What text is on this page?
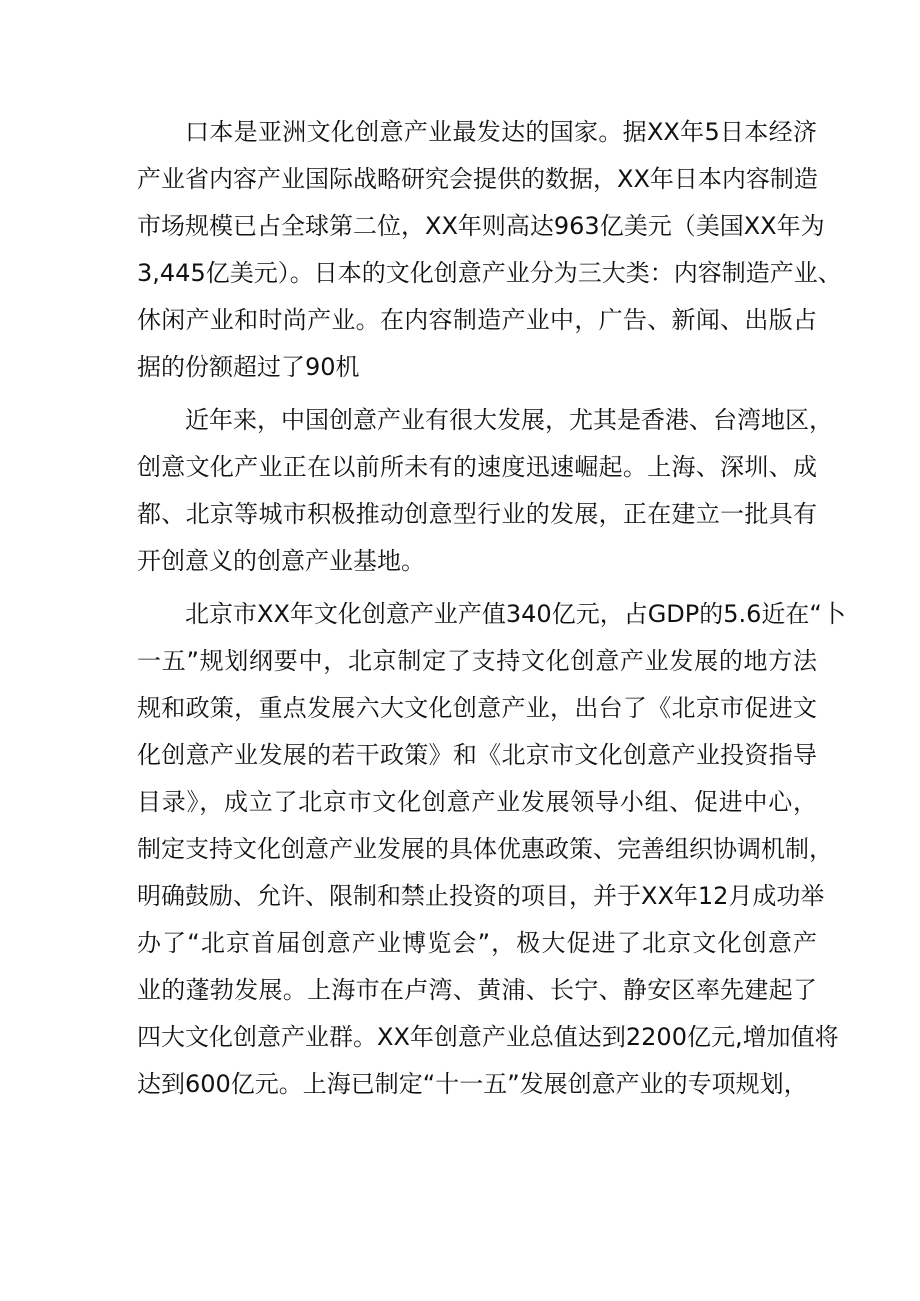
口本是亚洲文化创意产业最发达的国家。据XX年5日本经济
产业省内容产业国际战略研究会提供的数据，XX年日本内容制造
市场规模已占全球第二位，XX年则高达963亿美元（美国XX年为
3,445亿美元）。日本的文化创意产业分为三大类：内容制造产业、
休闲产业和时尚产业。在内容制造产业中，广告、新闻、出版占
据的份额超过了90机
近年来，中国创意产业有很大发展，尤其是香港、台湾地区，
创意文化产业正在以前所未有的速度迅速崛起。上海、深圳、成
都、北京等城市积极推动创意型行业的发展，正在建立一批具有
开创意义的创意产业基地。
北京市XX年文化创意产业产值340亿元，占GDP的5.6近在“卜
一五”规划纲要中，北京制定了支持文化创意产业发展的地方法
规和政策，重点发展六大文化创意产业，出台了《北京市促进文
化创意产业发展的若干政策》和《北京市文化创意产业投资指导
目录》，成立了北京市文化创意产业发展领导小组、促进中心，
制定支持文化创意产业发展的具体优惠政策、完善组织协调机制，
明确鼓励、允许、限制和禁止投资的项目，并于XX年12月成功举
办了“北京首届创意产业博览会”，极大促进了北京文化创意产
业的蓬勃发展。上海市在卢湾、黄浦、长宁、静安区率先建起了
四大文化创意产业群。XX年创意产业总值达到2200亿元,增加值将
达到600亿元。上海已制定“十一五”发展创意产业的专项规划，
